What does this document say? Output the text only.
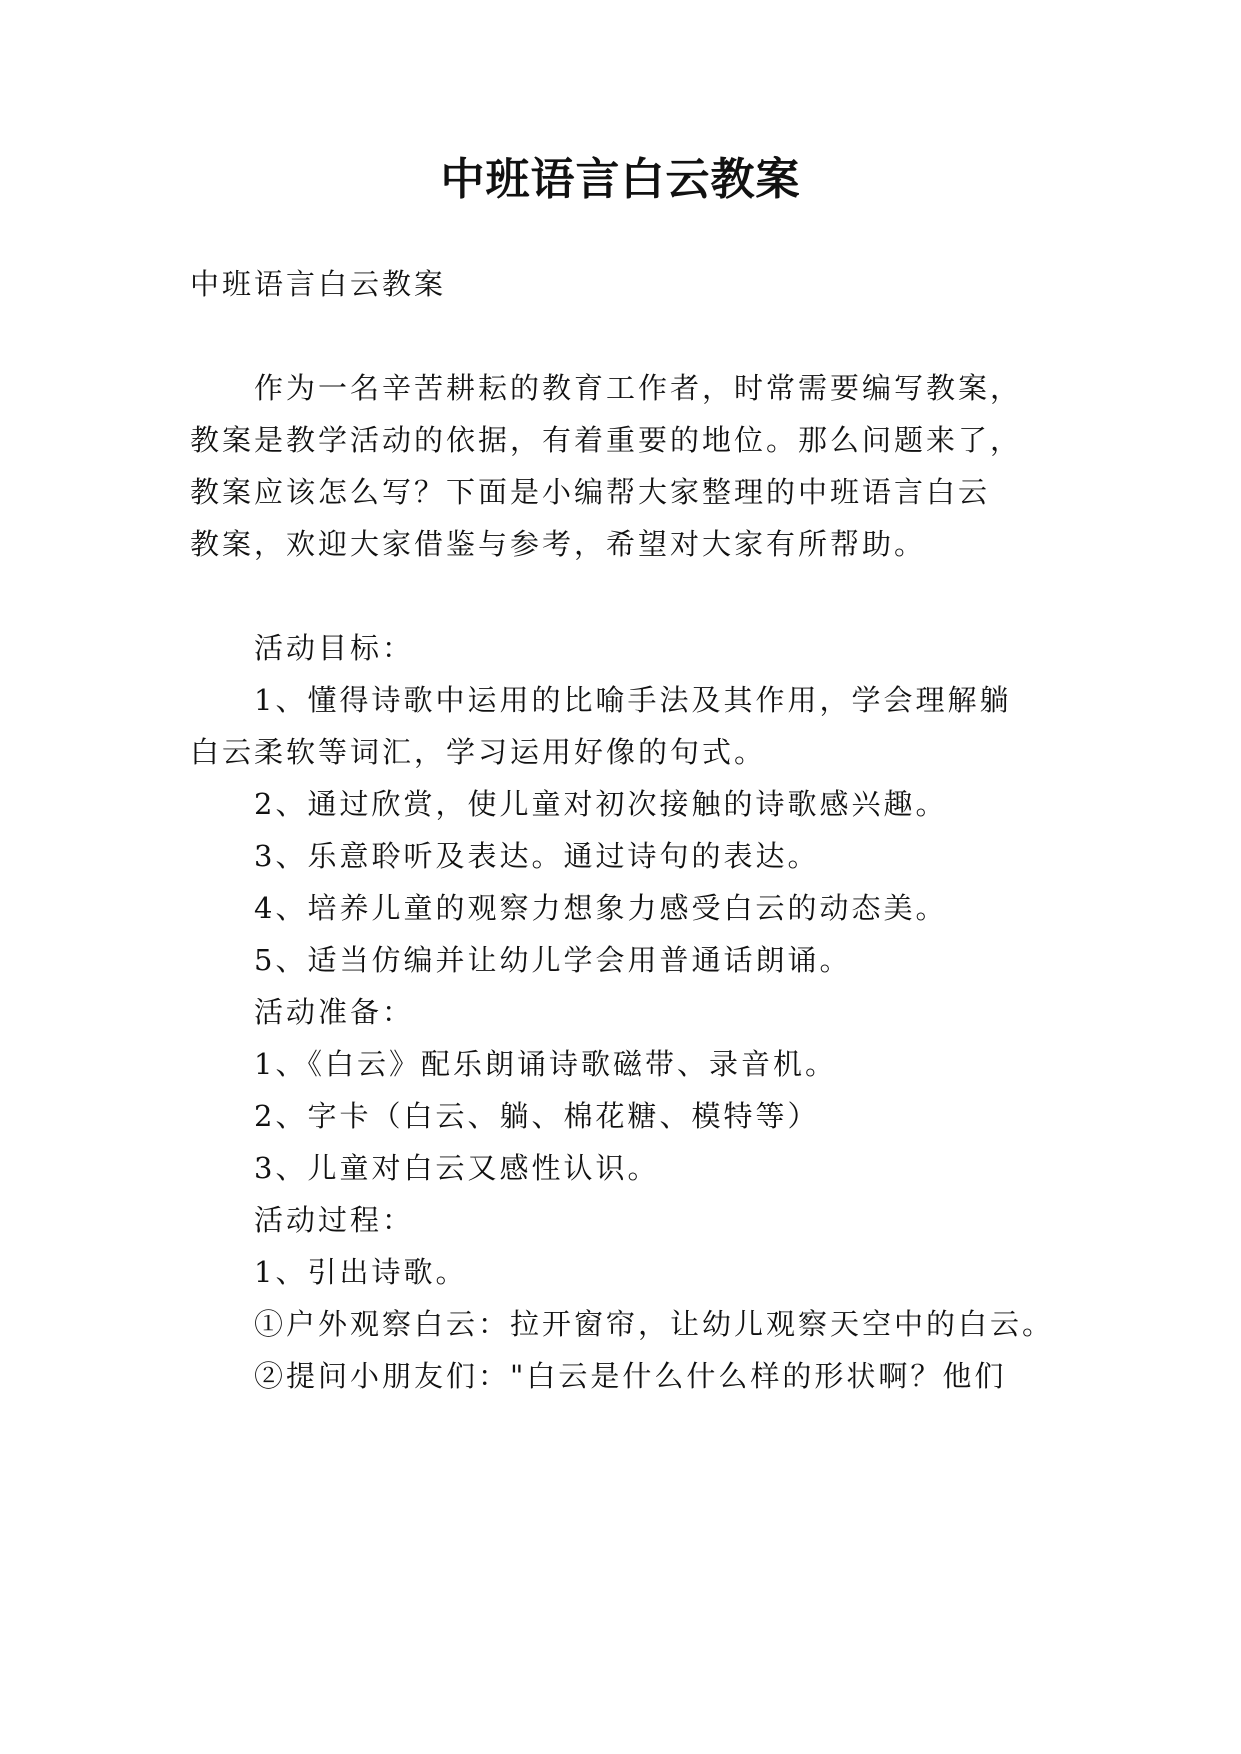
中班语言白云教案
中班语言白云教案
作为一名辛苦耕耘的教育工作者，时常需要编写教案，
教案是教学活动的依据，有着重要的地位。那么问题来了，
教案应该怎么写？下面是小编帮大家整理的中班语言白云
教案，欢迎大家借鉴与参考，希望对大家有所帮助。
活动目标：
1、懂得诗歌中运用的比喻手法及其作用，学会理解躺
白云柔软等词汇，学习运用好像的句式。
2、通过欣赏，使儿童对初次接触的诗歌感兴趣。
3、乐意聆听及表达。通过诗句的表达。
4、培养儿童的观察力想象力感受白云的动态美。
5、适当仿编并让幼儿学会用普通话朗诵。
活动准备：
1、《白云》配乐朗诵诗歌磁带、录音机。
2、字卡（白云、躺、棉花糖、模特等）
3、儿童对白云又感性认识。
活动过程：
1、引出诗歌。
①户外观察白云：拉开窗帘，让幼儿观察天空中的白云。
②提问小朋友们："白云是什么什么样的形状啊？他们
